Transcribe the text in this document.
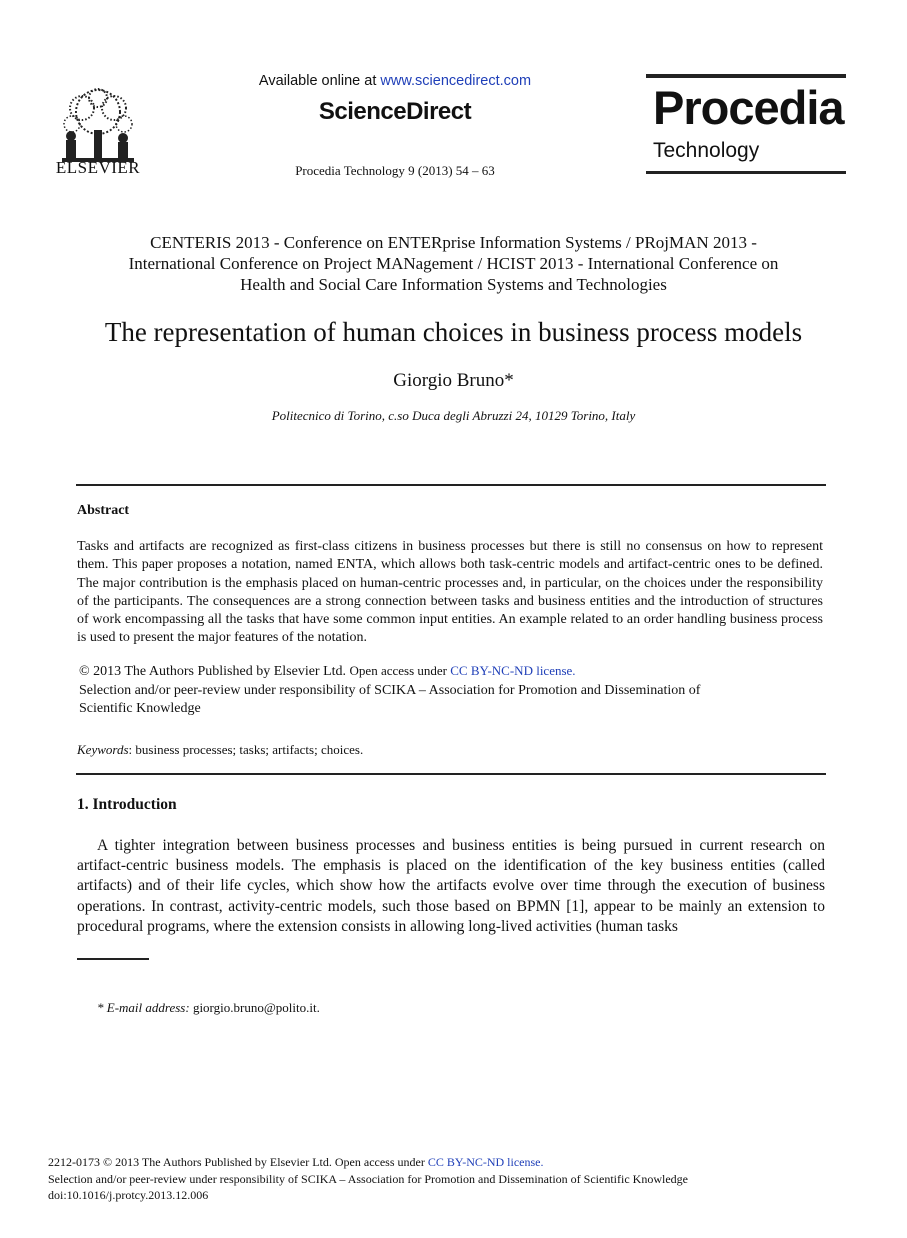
ELSEVIER
Available online at www.sciencedirect.com
ScienceDirect
Procedia Technology 9 (2013) 54 – 63
Procedia
Technology
CENTERIS 2013 - Conference on ENTERprise Information Systems / PRojMAN 2013 -
International Conference on Project MANagement / HCIST 2013 - International Conference on
Health and Social Care Information Systems and Technologies
The representation of human choices in business process models
Giorgio Bruno*
Politecnico di Torino, c.so Duca degli Abruzzi 24, 10129 Torino, Italy
Abstract
Tasks and artifacts are recognized as first-class citizens in business processes but there is still no consensus on how to represent them. This paper proposes a notation, named ENTA, which allows both task-centric models and artifact-centric ones to be defined. The major contribution is the emphasis placed on human-centric processes and, in particular, on the choices under the responsibility of the participants. The consequences are a strong connection between tasks and business entities and the introduction of structures of work encompassing all the tasks that have some common input entities. An example related to an order handling business process is used to present the major features of the notation.
© 2013 The Authors Published by Elsevier Ltd. Open access under CC BY-NC-ND license.
Selection and/or peer-review under responsibility of SCIKA – Association for Promotion and Dissemination of
Scientific Knowledge
Keywords: business processes; tasks; artifacts; choices.
1. Introduction
A tighter integration between business processes and business entities is being pursued in current research on artifact-centric business models. The emphasis is placed on the identification of the key business entities (called artifacts) and of their life cycles, which show how the artifacts evolve over time through the execution of business operations. In contrast, activity-centric models, such those based on BPMN [1], appear to be mainly an extension to procedural programs, where the extension consists in allowing long-lived activities (human tasks
* E-mail address: giorgio.bruno@polito.it.
2212-0173 © 2013 The Authors Published by Elsevier Ltd. Open access under CC BY-NC-ND license.
Selection and/or peer-review under responsibility of SCIKA – Association for Promotion and Dissemination of Scientific Knowledge
doi:10.1016/j.protcy.2013.12.006
